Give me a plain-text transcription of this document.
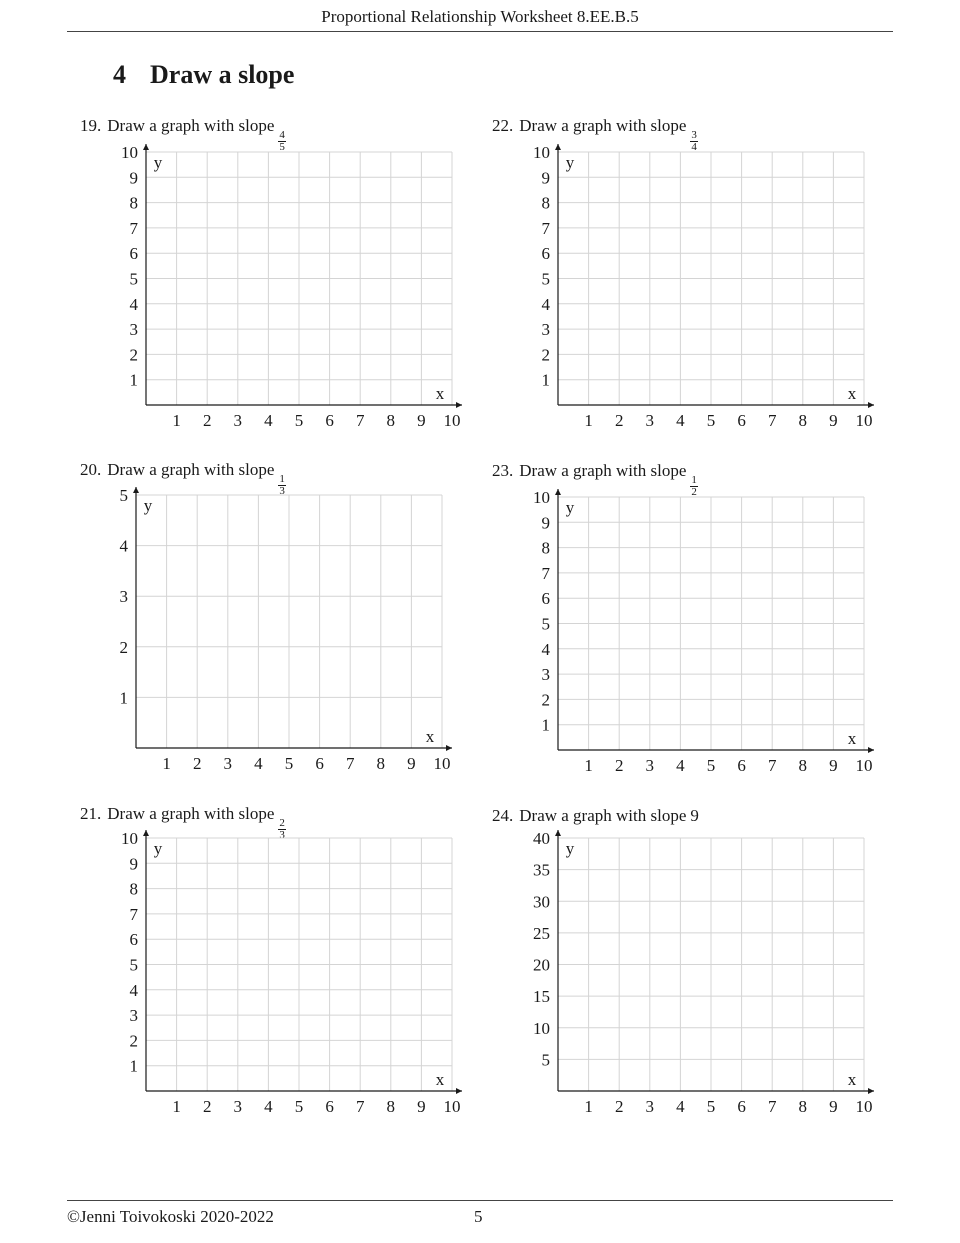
Proportional Relationship Worksheet 8.EE.B.5
4 Draw a slope
19. Draw a graph with slope
$\frac{4}{5}$
20. Draw a graph with slope
$\frac{1}{3}$
21. Draw a graph with slope
$\frac{2}{3}$
22. Draw a graph with slope
$\frac{3}{4}$
23. Draw a graph with slope
$\frac{1}{2}$
24. Draw a graph with slope 9
1 2 3 4 5 6 7 8 9 10
1
2
3
4
5
6
7
8
9
10
x
y
1 2 3 4 5 6 7 8 9 10
1
2
3
4
5
x
y
1 2 3 4 5 6 7 8 9 10
1
2
3
4
5
6
7
8
9
10
x
y
1 2 3 4 5 6 7 8 9 10
1
2
3
4
5
6
7
8
9
10
x
y
1 2 3 4 5 6 7 8 9 10
1
2
3
4
5
6
7
8
9
10
x
y
1 2 3 4 5 6 7 8 9 10
5
10
15
20
25
30
35
40
x
y
©Jenni Toivokoski 2020-2022	5
